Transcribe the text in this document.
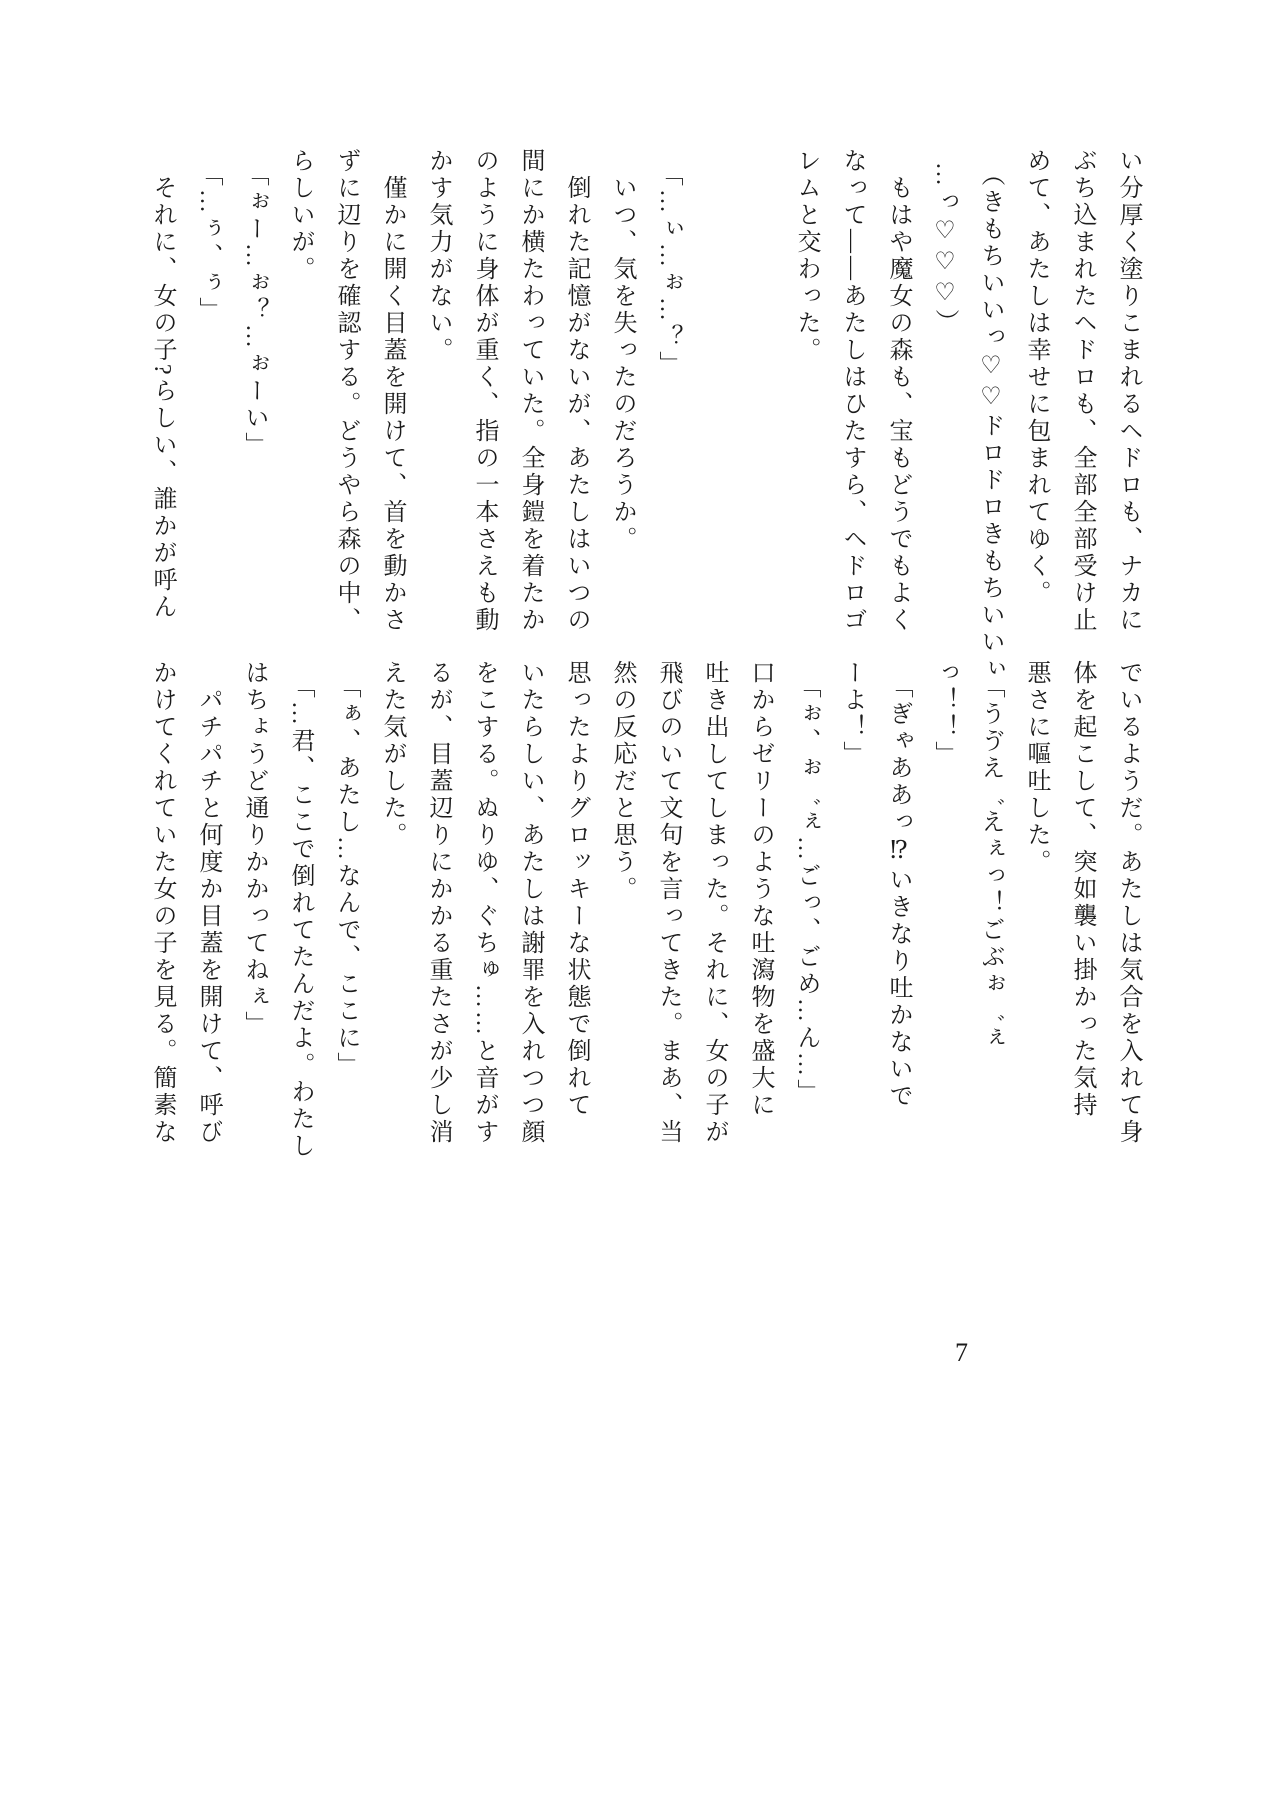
い分厚く塗りこまれるヘドロも、ナカに
ぶち込まれたヘドロも、全部全部受け止
めて、あたしは幸せに包まれてゆく。
（きもちいいっ♡♡ドロドロきもちいいぃ
…っ♡♡♡）
もはや魔女の森も、宝もどうでもよく
なって――あたしはひたすら、ヘドロゴ
レムと交わった。
「…ぃ…ぉ…？」
いつ、気を失ったのだろうか。
倒れた記憶がないが、あたしはいつの
間にか横たわっていた。全身鎧を着たか
のように身体が重く、指の一本さえも動
かす気力がない。
僅かに開く目蓋を開けて、首を動かさ
ずに辺りを確認する。どうやら森の中、
らしいが。
「ぉー…ぉ？…ぉーい」
「…ぅ、ぅ」
それに、女の子?らしい、誰かが呼ん
でいるようだ。あたしは気合を入れて身
体を起こして、突如襲い掛かった気持
悪さに嘔吐した。
「うゔえ゛えぇっ！ごぶぉ゛ぇ
っ！！」
「ぎゃああっ⁉いきなり吐かないで
ーよ！」
「ぉ、ぉ゛ぇ…ごっ、ごめ…ん…」
口からゼリーのような吐瀉物を盛大に
吐き出してしまった。それに、女の子が
飛びのいて文句を言ってきた。まあ、当
然の反応だと思う。
思ったよりグロッキーな状態で倒れて
いたらしい、あたしは謝罪を入れつつ顔
をこする。ぬりゆ、ぐちゅ……と音がす
るが、目蓋辺りにかかる重たさが少し消
えた気がした。
「ぁ、あたし…なんで、ここに」
「…君、ここで倒れてたんだよ。わたし
はちょうど通りかかってねぇ」
パチパチと何度か目蓋を開けて、呼び
かけてくれていた女の子を見る。簡素な
7
